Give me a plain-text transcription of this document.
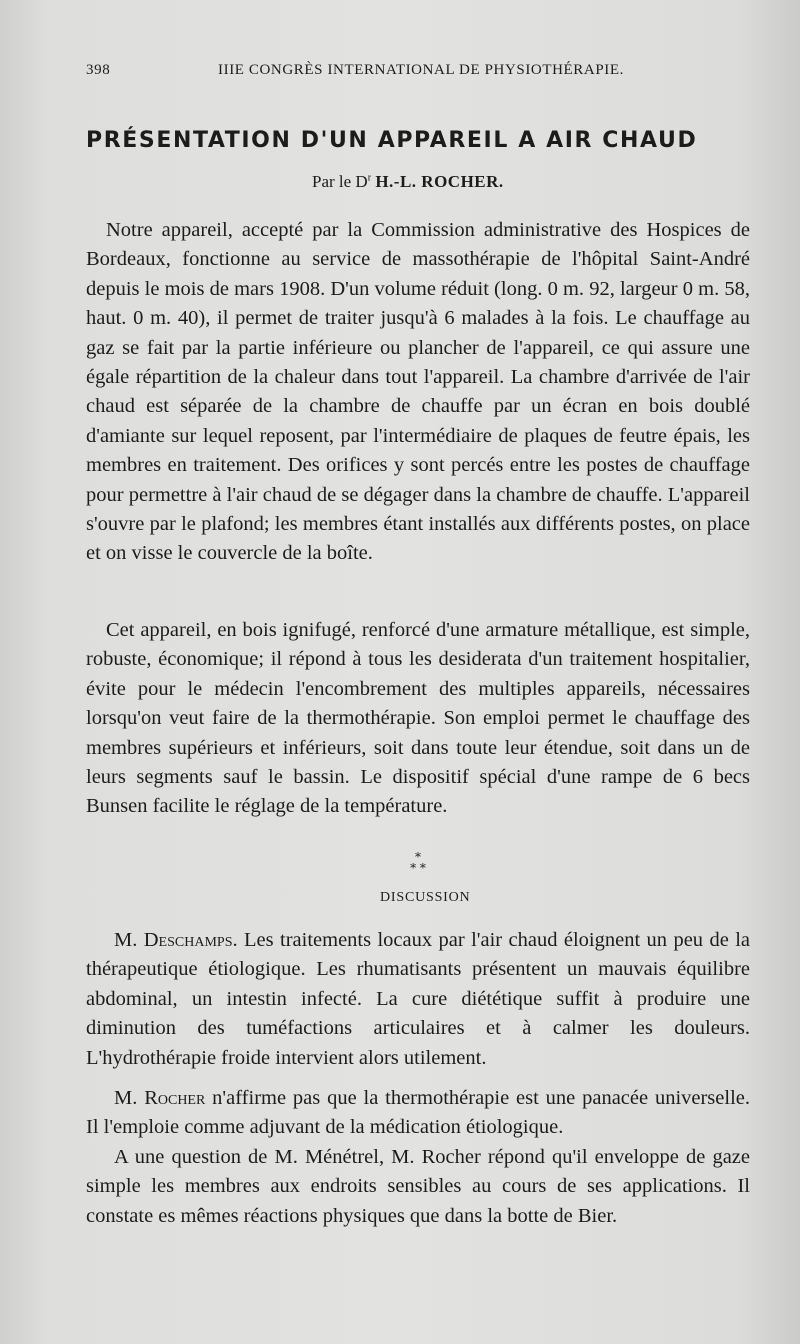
398	IIIE CONGRÈS INTERNATIONAL DE PHYSIOTHÉRAPIE.
PRÉSENTATION D'UN APPAREIL A AIR CHAUD
Par le $D^r$ H.-L. ROCHER.

Notre appareil, accepté par la Commission administrative des Hospices de Bordeaux, fonctionne au service de massothérapie de l'hôpital Saint-André depuis le mois de mars 1908. D'un volume réduit (long. 0 m. 92, largeur 0 m. 58, haut. 0 m. 40), il permet de traiter jusqu'à 6 malades à la fois. Le chauffage au gaz se fait par la partie inférieure ou plancher de l'appareil, ce qui assure une égale répartition de la chaleur dans tout l'appareil. La chambre d'arrivée de l'air chaud est séparée de la chambre de chauffe par un écran en bois doublé d'amiante sur lequel reposent, par l'intermédiaire de plaques de feutre épais, les membres en traitement. Des orifices y sont percés entre les postes de chauffage pour permettre à l'air chaud de se dégager dans la chambre de chauffe. L'appareil s'ouvre par le plafond; les membres étant installés aux différents postes, on place et on visse le couvercle de la boîte.

Cet appareil, en bois ignifugé, renforcé d'une armature métallique, est simple, robuste, économique; il répond à tous les desiderata d'un traitement hospitalier, évite pour le médecin l'encombrement des multiples appareils, nécessaires lorsqu'on veut faire de la thermothérapie. Son emploi permet le chauffage des membres supérieurs et inférieurs, soit dans toute leur étendue, soit dans un de leurs segments sauf le bassin. Le dispositif spécial d'une rampe de 6 becs Bunsen facilite le réglage de la température.

*
* *
DISCUSSION

M. Deschamps. Les traitements locaux par l'air chaud éloignent un peu de la thérapeutique étiologique. Les rhumatisants présentent un mauvais équilibre abdominal, un intestin infecté. La cure diététique suffit à produire une diminution des tuméfactions articulaires et à calmer les douleurs. L'hydrothérapie froide intervient alors utilement.

M. Rocher n'affirme pas que la thermothérapie est une panacée universelle. Il l'emploie comme adjuvant de la médication étiologique.
A une question de M. Ménétrel, M. Rocher répond qu'il enveloppe de gaze simple les membres aux endroits sensibles au cours de ses applications. Il constate es mêmes réactions physiques que dans la botte de Bier.
